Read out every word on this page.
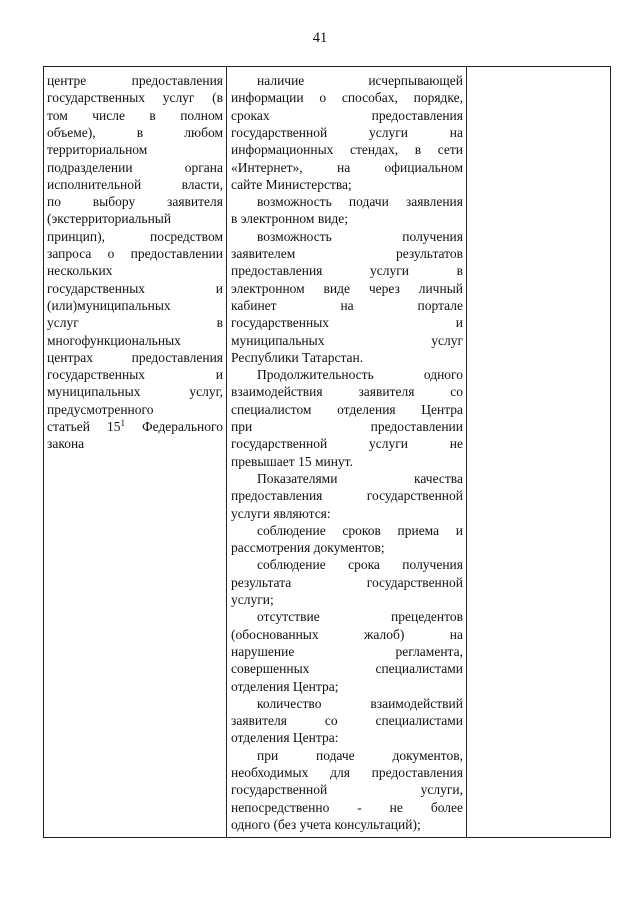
41
центре предоставления
государственных услуг (в
том числе в полном
объеме), в любом
территориальном
подразделении органа
исполнительной власти,
по выбору заявителя
(экстерриториальный
принцип), посредством
запроса о предоставлении
нескольких
государственных и
(или)муниципальных
услуг в
многофункциональных
центрах предоставления
государственных и
муниципальных услуг,
предусмотренного
статьей $15^1$ Федерального
закона
наличие исчерпывающей
информации о способах, порядке,
сроках предоставления
государственной услуги на
информационных стендах, в сети
«Интернет», на официальном
сайте Министерства;
возможность подачи заявления
в электронном виде;
возможность получения
заявителем результатов
предоставления услуги в
электронном виде через личный
кабинет на портале
государственных и
муниципальных услуг
Республики Татарстан.
Продолжительность одного
взаимодействия заявителя со
специалистом отделения Центра
при предоставлении
государственной услуги не
превышает 15 минут.
Показателями качества
предоставления государственной
услуги являются:
соблюдение сроков приема и
рассмотрения документов;
соблюдение срока получения
результата государственной
услуги;
отсутствие прецедентов
(обоснованных жалоб) на
нарушение регламента,
совершенных специалистами
отделения Центра;
количество взаимодействий
заявителя со специалистами
отделения Центра:
при подаче документов,
необходимых для предоставления
государственной услуги,
непосредственно - не более
одного (без учета консультаций);
